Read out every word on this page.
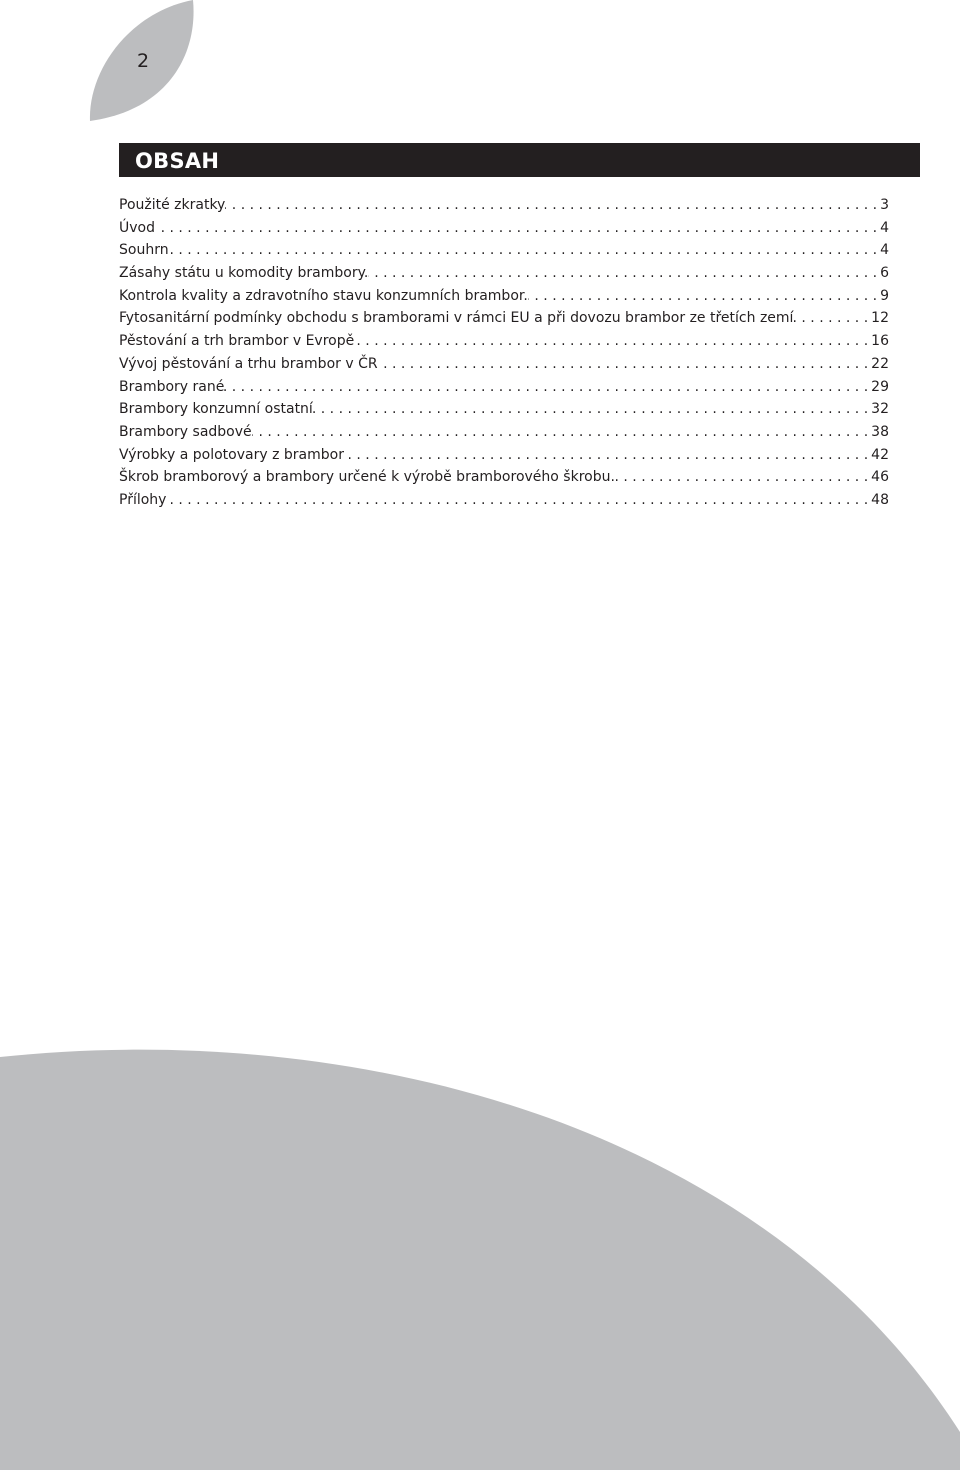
2
OBSAH
Použité zkratky . . .	3
Úvod . . .	4
Souhrn . . .	4
Zásahy státu u komodity brambory. . . .	6
Kontrola kvality a zdravotního stavu konzumních brambor. . . .	9
Fytosanitární podmínky obchodu s bramborami v rámci EU a při dovozu brambor ze třetích zemí . . .	12
Pěstování a trh brambor v Evropě . . .	16
Vývoj pěstování a trhu brambor v ČR . . .	22
Brambory rané . . .	29
Brambory konzumní ostatní . . .	32
Brambory sadbové . . .	38
Výrobky a polotovary z brambor . . .	42
Škrob bramborový a brambory určené k výrobě bramborového škrobu. . . .	46
Přílohy . . .	48
